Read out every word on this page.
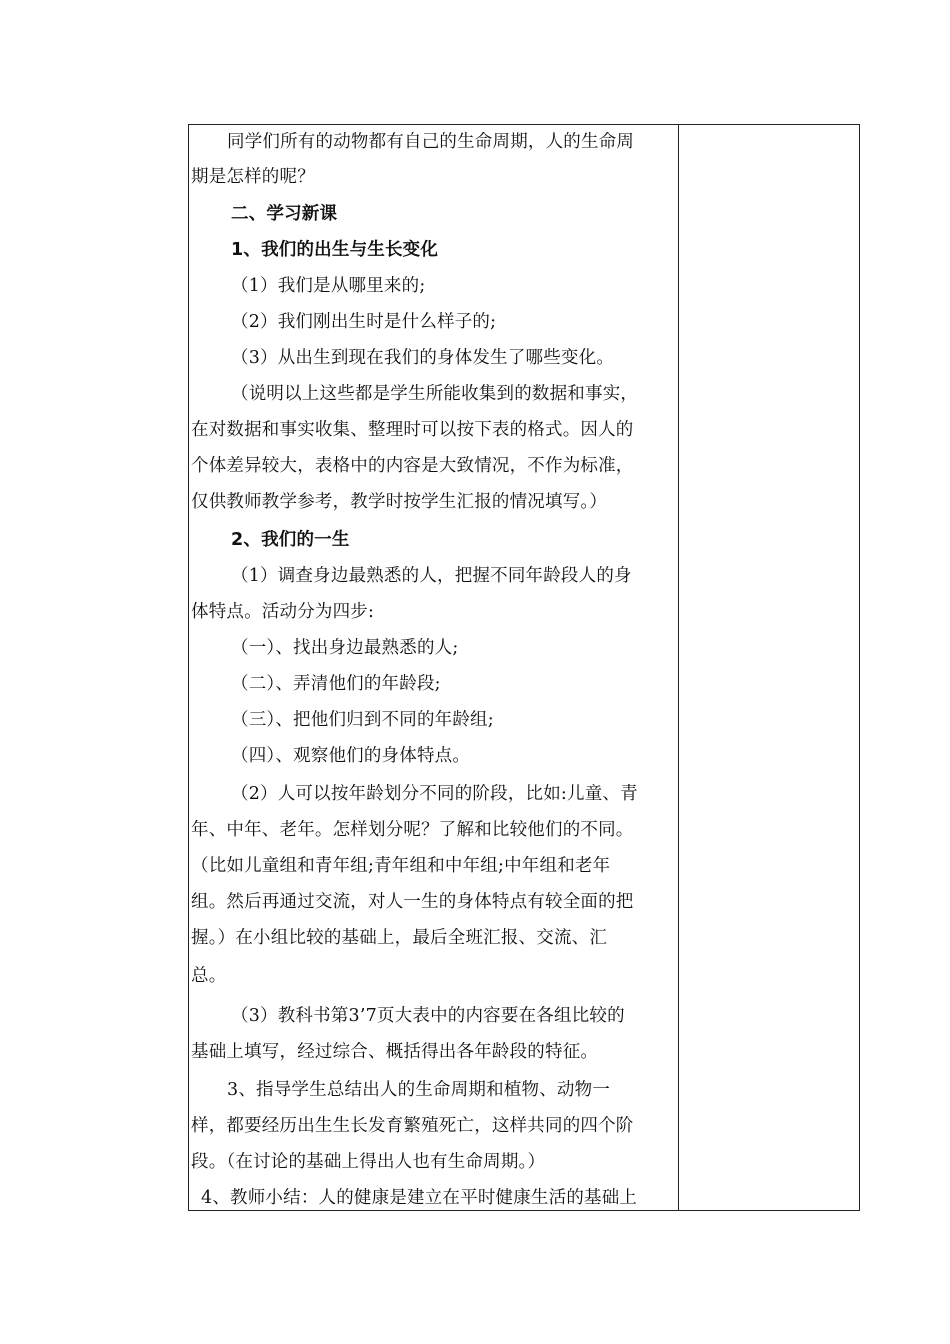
同学们所有的动物都有自己的生命周期，人的生命周
期是怎样的呢？
二、学习新课
1、我们的出生与生长变化
（1）我们是从哪里来的;
（2）我们刚出生时是什么样子的;
（3）从出生到现在我们的身体发生了哪些变化。
（说明以上这些都是学生所能收集到的数据和事实，
在对数据和事实收集、整理时可以按下表的格式。因人的
个体差异较大，表格中的内容是大致情况，不作为标准，
仅供教师教学参考，教学时按学生汇报的情况填写。）
2、我们的一生
（1）调查身边最熟悉的人，把握不同年龄段人的身
体特点。活动分为四步:
（一）、找出身边最熟悉的人;
（二）、弄清他们的年龄段;
（三）、把他们归到不同的年龄组;
（四）、观察他们的身体特点。
（2）人可以按年龄划分不同的阶段，比如:儿童、青
年、中年、老年。怎样划分呢？了解和比较他们的不同。
（比如儿童组和青年组;青年组和中年组;中年组和老年
组。然后再通过交流，对人一生的身体特点有较全面的把
握。）在小组比较的基础上，最后全班汇报、交流、汇
总。
（3）教科书第3’7页大表中的内容要在各组比较的
基础上填写，经过综合、概括得出各年龄段的特征。
3、指导学生总结出人的生命周期和植物、动物一
样，都要经历出生生长发育繁殖死亡，这样共同的四个阶
段。（在讨论的基础上得出人也有生命周期。）
4、教师小结：人的健康是建立在平时健康生活的基础上
